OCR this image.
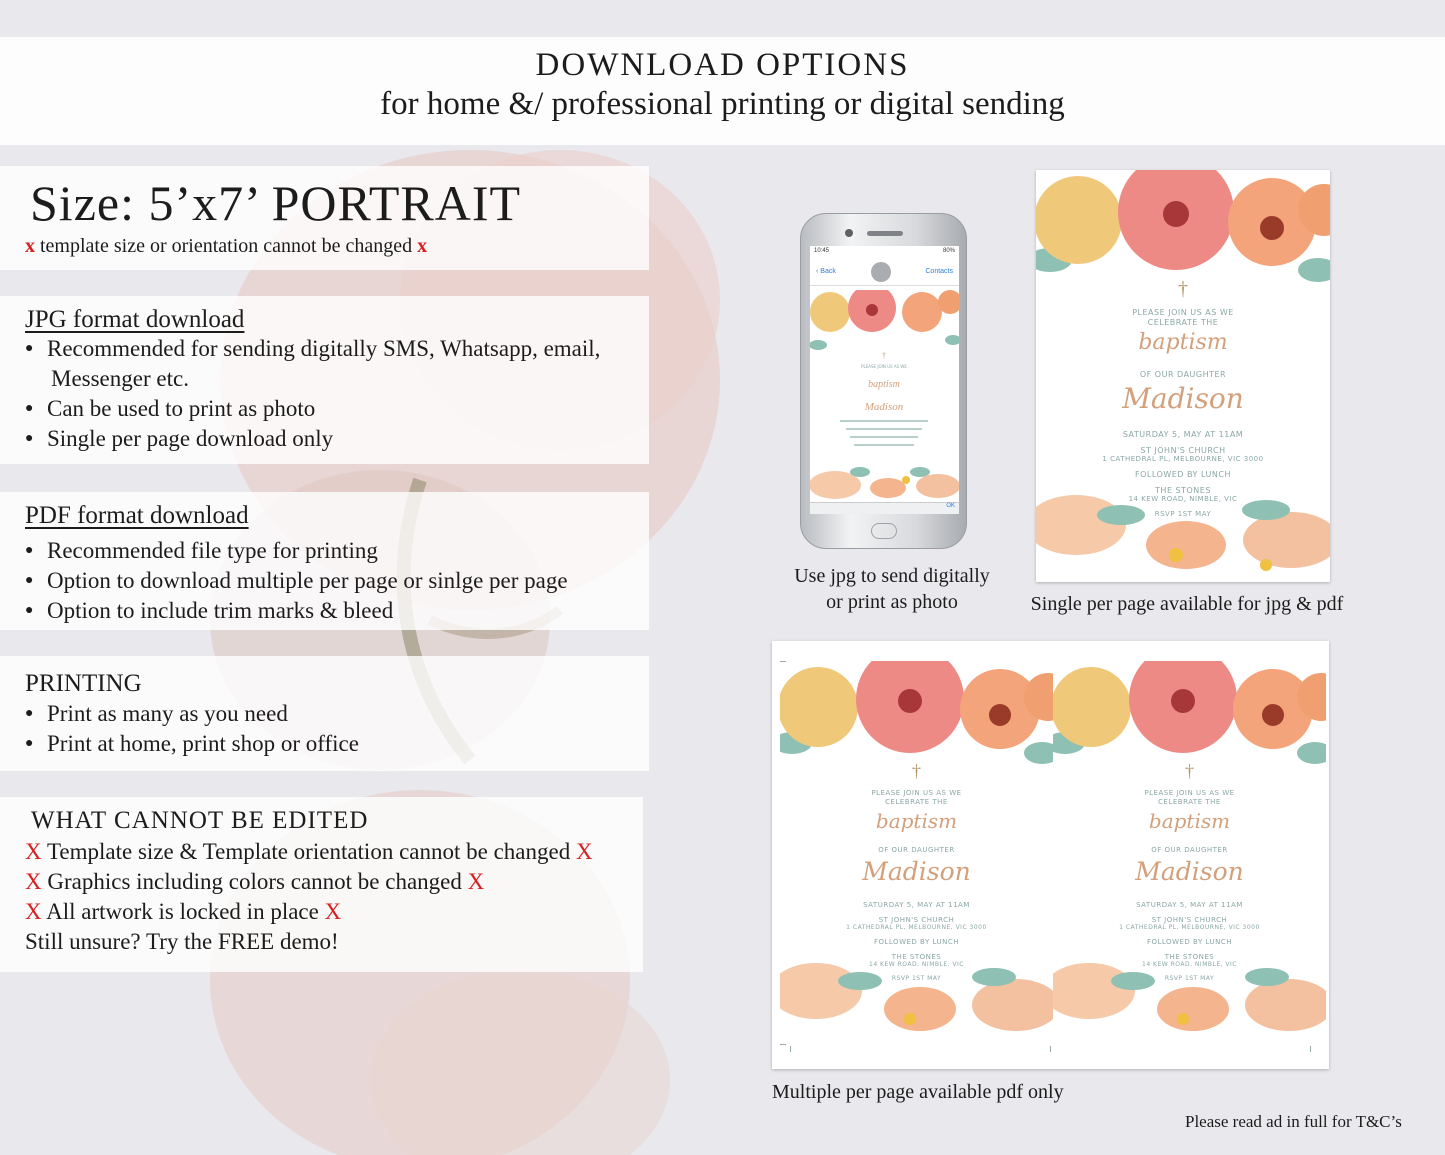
DOWNLOAD OPTIONS
for home &/ professional printing or digital sending
Size: 5’x7’ PORTRAIT
x template size or orientation cannot be changed x
JPG format download
● Recommended for sending digitally SMS, Whatsapp, email,
Messenger etc.
● Can be used to print as photo
● Single per page download only
PDF format download
● Recommended file type for printing
● Option to download multiple per page or sinlge per page
● Option to include trim marks & bleed
PRINTING
● Print as many as you need
● Print at home, print shop or office
WHAT CANNOT BE EDITED
X Template size & Template orientation cannot be changed X
X Graphics including colors cannot be changed X
X All artwork is locked in place X
Still unsure? Try the FREE demo!
10:45	80%
‹ Back	Contacts
†
PLEASE JOIN US AS WE
baptism
Madison
OK
Use jpg to send digitally
or print as photo
†
PLEASE JOIN US AS WE
CELEBRATE THE
baptism
OF OUR DAUGHTER
Madison
SATURDAY 5, MAY AT 11AM
ST JOHN'S CHURCH
1 CATHEDRAL PL, MELBOURNE, VIC 3000
FOLLOWED BY LUNCH
THE STONES
14 KEW ROAD, NIMBLE, VIC
RSVP 1ST MAY
Single per page available for jpg & pdf
†
PLEASE JOIN US AS WE
CELEBRATE THE
baptism
OF OUR DAUGHTER
Madison
SATURDAY 5, MAY AT 11AM
ST JOHN'S CHURCH
1 CATHEDRAL PL, MELBOURNE, VIC 3000
FOLLOWED BY LUNCH
THE STONES
14 KEW ROAD, NIMBLE, VIC
RSVP 1ST MAY
†
PLEASE JOIN US AS WE
CELEBRATE THE
baptism
OF OUR DAUGHTER
Madison
SATURDAY 5, MAY AT 11AM
ST JOHN'S CHURCH
1 CATHEDRAL PL, MELBOURNE, VIC 3000
FOLLOWED BY LUNCH
THE STONES
14 KEW ROAD, NIMBLE, VIC
RSVP 1ST MAY
Multiple per page available pdf only
Please read ad in full for T&C’s
